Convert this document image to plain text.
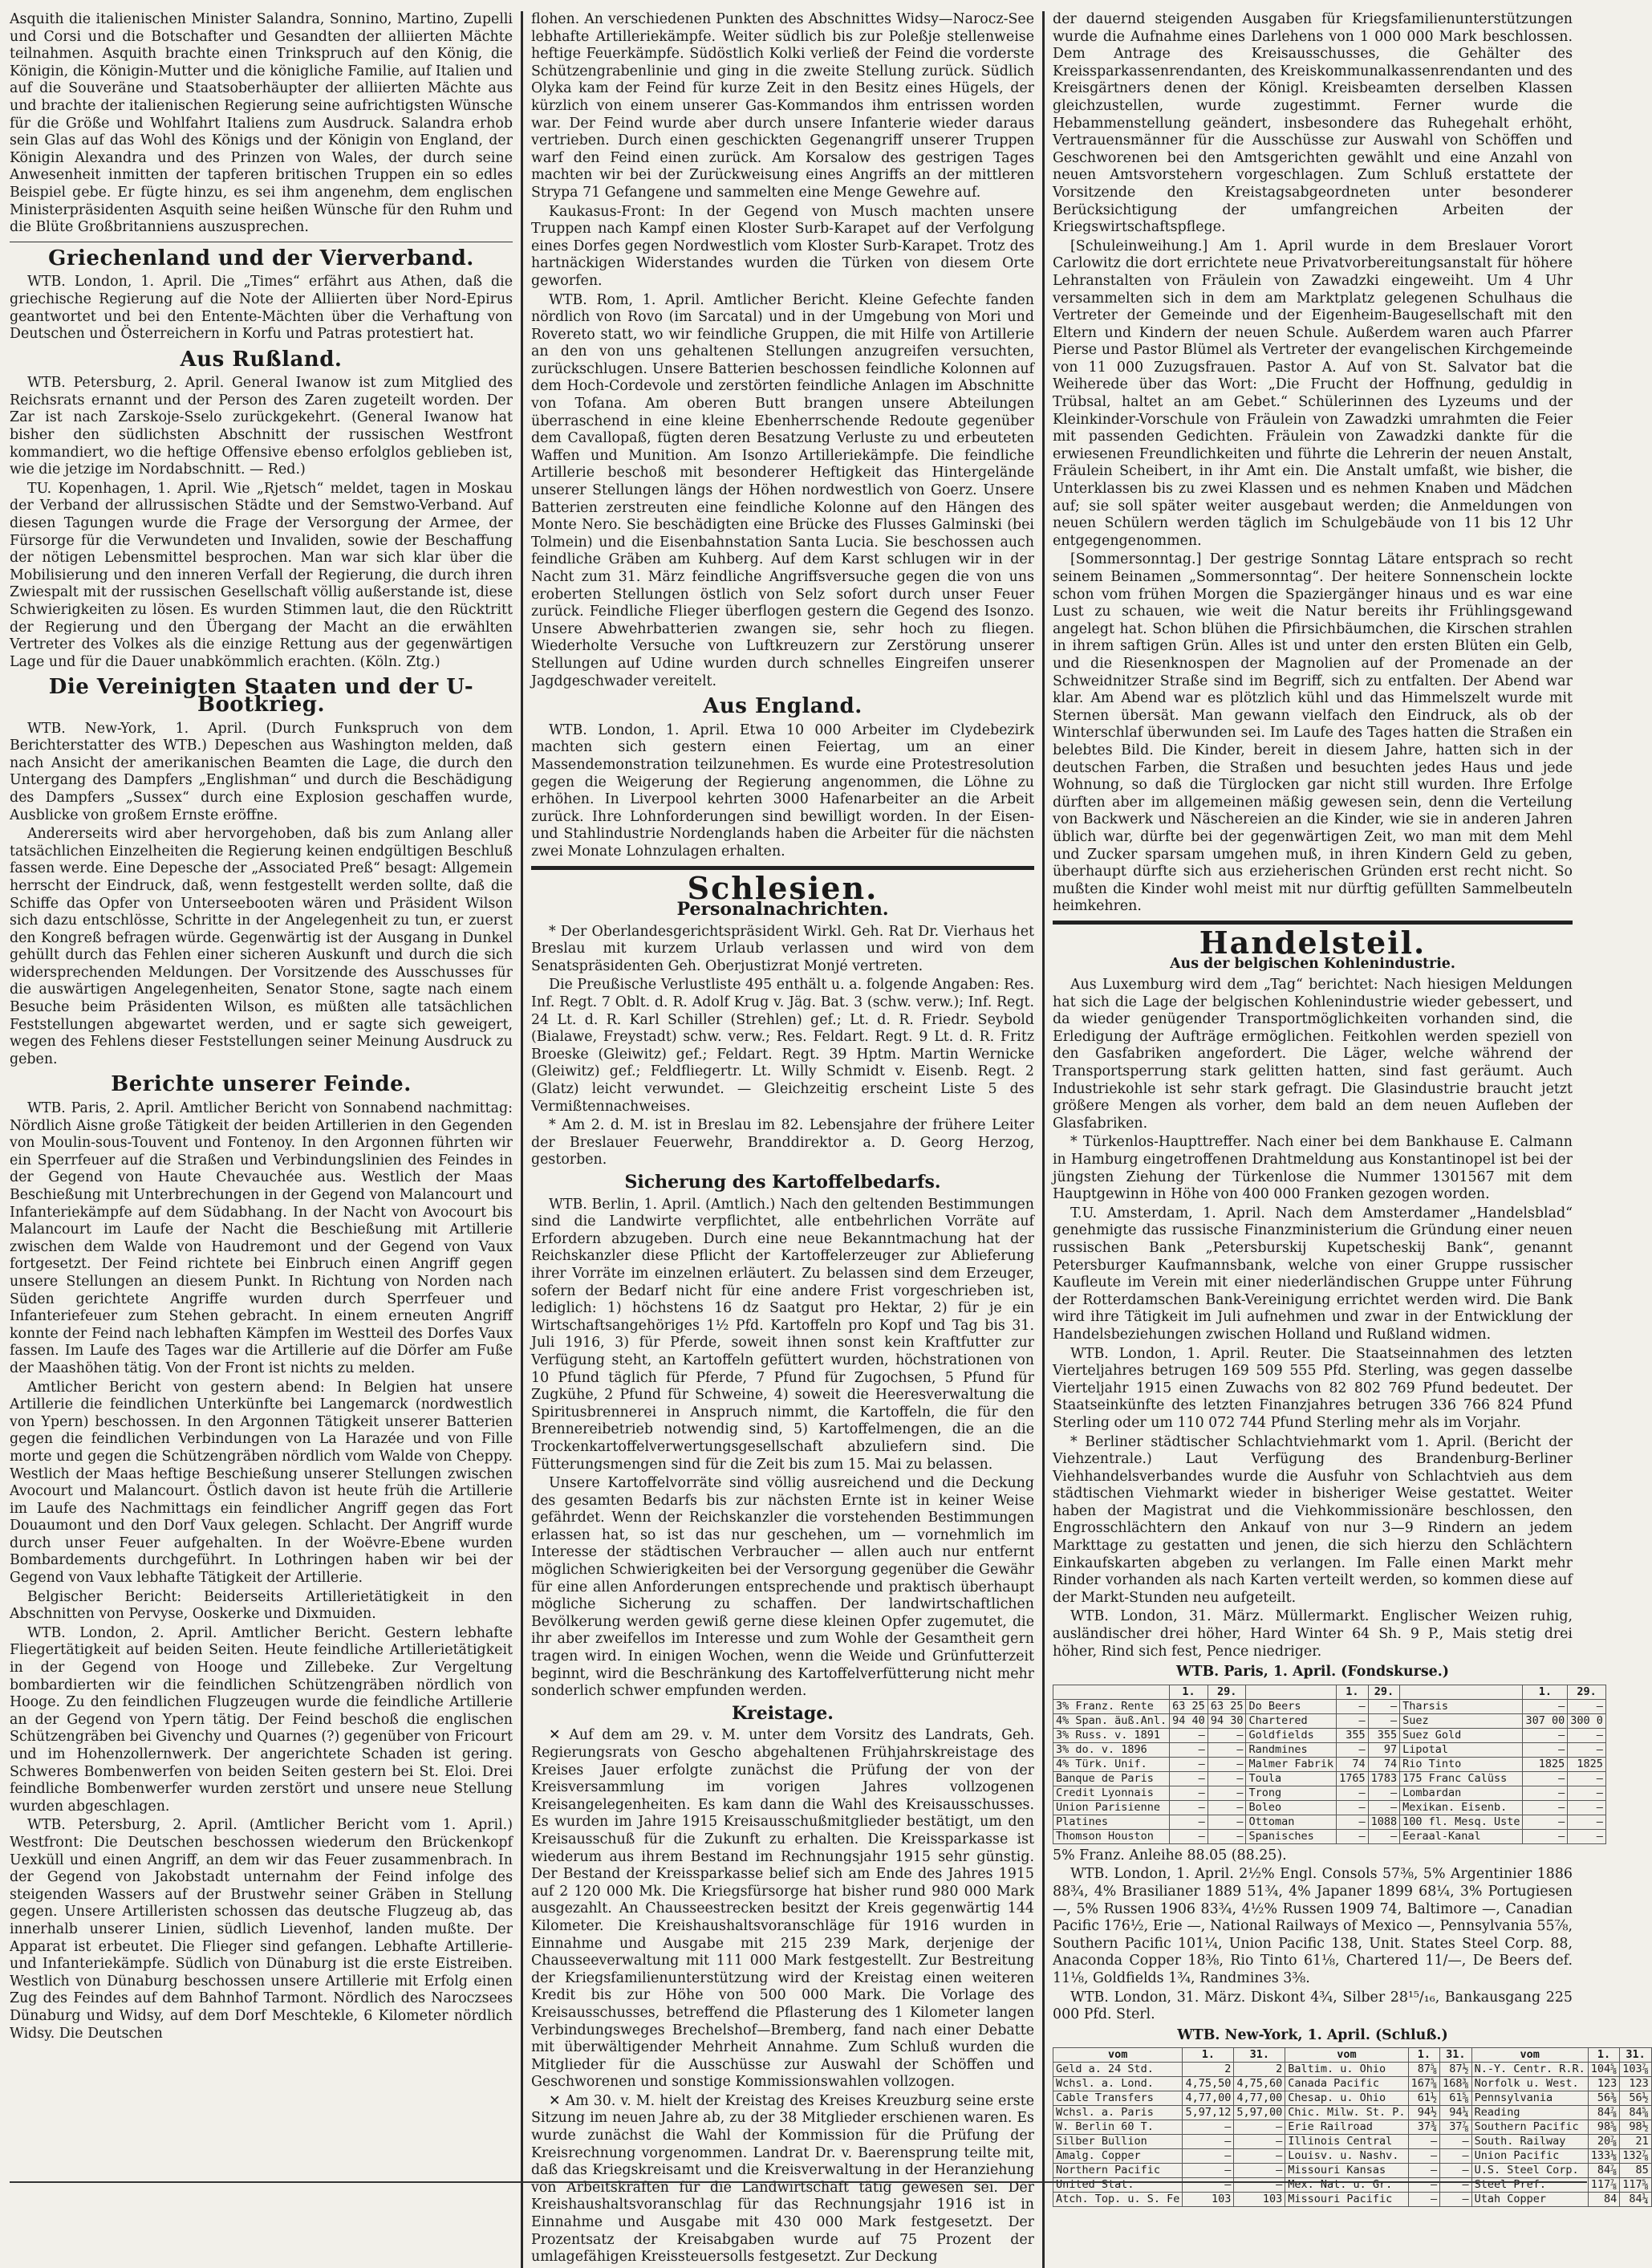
Asquith die italienischen Minister Salandra, Sonnino, Martino, Zupelli und Corsi und die Botschafter und Gesandten der alliierten Mächte teilnahmen. Asquith brachte einen Trinkspruch auf den König, die Königin, die Königin-Mutter und die königliche Familie, auf Italien und auf die Souveräne und Staatsoberhäupter der alliierten Mächte aus und brachte der italienischen Regierung seine aufrichtigsten Wünsche für die Größe und Wohlfahrt Italiens zum Ausdruck. Salandra erhob sein Glas auf das Wohl des Königs und der Königin von England, der Königin Alexandra und des Prinzen von Wales, der durch seine Anwesenheit inmitten der tapferen britischen Truppen ein so edles Beispiel gebe. Er fügte hinzu, es sei ihm angenehm, dem englischen Ministerpräsidenten Asquith seine heißen Wünsche für den Ruhm und die Blüte Großbritanniens auszusprechen.

Griechenland und der Vierverband.

WTB. London, 1. April. Die „Times“ erfährt aus Athen, daß die griechische Regierung auf die Note der Alliierten über Nord-Epirus geantwortet und bei den Entente-Mächten über die Verhaftung von Deutschen und Österreichern in Korfu und Patras protestiert hat.

Aus Rußland.

WTB. Petersburg, 2. April. General Iwanow ist zum Mitglied des Reichsrats ernannt und der Person des Zaren zugeteilt worden. Der Zar ist nach Zarskoje-Sselo zurückgekehrt. (General Iwanow hat bisher den südlichsten Abschnitt der russischen Westfront kommandiert, wo die heftige Offensive ebenso erfolglos geblieben ist, wie die jetzige im Nordabschnitt. — Red.)

TU. Kopenhagen, 1. April. Wie „Rjetsch“ meldet, tagen in Moskau der Verband der allrussischen Städte und der Semstwo-Verband. Auf diesen Tagungen wurde die Frage der Versorgung der Armee, der Fürsorge für die Verwundeten und Invaliden, sowie der Beschaffung der nötigen Lebensmittel besprochen. Man war sich klar über die Mobilisierung und den inneren Verfall der Regierung, die durch ihren Zwiespalt mit der russischen Gesellschaft völlig außerstande ist, diese Schwierigkeiten zu lösen. Es wurden Stimmen laut, die den Rücktritt der Regierung und den Übergang der Macht an die erwählten Vertreter des Volkes als die einzige Rettung aus der gegenwärtigen Lage und für die Dauer unabkömmlich erachten. (Köln. Ztg.)

Die Vereinigten Staaten und der U-Bootkrieg.

WTB. New-York, 1. April. (Durch Funkspruch von dem Berichterstatter des WTB.) Depeschen aus Washington melden, daß nach Ansicht der amerikanischen Beamten die Lage, die durch den Untergang des Dampfers „Englishman“ und durch die Beschädigung des Dampfers „Sussex“ durch eine Explosion geschaffen wurde, Ausblicke von großem Ernste eröffne.

Andererseits wird aber hervorgehoben, daß bis zum Anlang aller tatsächlichen Einzelheiten die Regierung keinen endgültigen Beschluß fassen werde. Eine Depesche der „Associated Preß“ besagt: Allgemein herrscht der Eindruck, daß, wenn festgestellt werden sollte, daß die Schiffe das Opfer von Unterseebooten wären und Präsident Wilson sich dazu entschlösse, Schritte in der Angelegenheit zu tun, er zuerst den Kongreß befragen würde. Gegenwärtig ist der Ausgang in Dunkel gehüllt durch das Fehlen einer sicheren Auskunft und durch die sich widersprechenden Meldungen. Der Vorsitzende des Ausschusses für die auswärtigen Angelegenheiten, Senator Stone, sagte nach einem Besuche beim Präsidenten Wilson, es müßten alle tatsächlichen Feststellungen abgewartet werden, und er sagte sich geweigert, wegen des Fehlens dieser Feststellungen seiner Meinung Ausdruck zu geben.

Berichte unserer Feinde.

WTB. Paris, 2. April. Amtlicher Bericht von Sonnabend nachmittag: Nördlich Aisne große Tätigkeit der beiden Artillerien in den Gegenden von Moulin-sous-Touvent und Fontenoy. In den Argonnen führten wir ein Sperrfeuer auf die Straßen und Verbindungslinien des Feindes in der Gegend von Haute Chevauchée aus. Westlich der Maas Beschießung mit Unterbrechungen in der Gegend von Malancourt und Infanteriekämpfe auf dem Südabhang. In der Nacht von Avocourt bis Malancourt im Laufe der Nacht die Beschießung mit Artillerie zwischen dem Walde von Haudremont und der Gegend von Vaux fortgesetzt. Der Feind richtete bei Einbruch einen Angriff gegen unsere Stellungen an diesem Punkt. In Richtung von Norden nach Süden gerichtete Angriffe wurden durch Sperrfeuer und Infanteriefeuer zum Stehen gebracht. In einem erneuten Angriff konnte der Feind nach lebhaften Kämpfen im Westteil des Dorfes Vaux fassen. Im Laufe des Tages war die Artillerie auf die Dörfer am Fuße der Maashöhen tätig. Von der Front ist nichts zu melden.

Amtlicher Bericht von gestern abend: In Belgien hat unsere Artillerie die feindlichen Unterkünfte bei Langemarck (nordwestlich von Ypern) beschossen. In den Argonnen Tätigkeit unserer Batterien gegen die feindlichen Verbindungen von La Harazée und von Fille morte und gegen die Schützengräben nördlich vom Walde von Cheppy. Westlich der Maas heftige Beschießung unserer Stellungen zwischen Avocourt und Malancourt. Östlich davon ist heute früh die Artillerie im Laufe des Nachmittags ein feindlicher Angriff gegen das Fort Douaumont und den Dorf Vaux gelegen. Schlacht. Der Angriff wurde durch unser Feuer aufgehalten. In der Woëvre-Ebene wurden Bombardements durchgeführt. In Lothringen haben wir bei der Gegend von Vaux lebhafte Tätigkeit der Artillerie.

Belgischer Bericht: Beiderseits Artillerietätigkeit in den Abschnitten von Pervyse, Ooskerke und Dixmuiden.

WTB. London, 2. April. Amtlicher Bericht. Gestern lebhafte Fliegertätigkeit auf beiden Seiten. Heute feindliche Artillerietätigkeit in der Gegend von Hooge und Zillebeke. Zur Vergeltung bombardierten wir die feindlichen Schützengräben nördlich von Hooge. Zu den feindlichen Flugzeugen wurde die feindliche Artillerie an der Gegend von Ypern tätig. Der Feind beschoß die englischen Schützengräben bei Givenchy und Quarnes (?) gegenüber von Fricourt und im Hohenzollernwerk. Der angerichtete Schaden ist gering. Schweres Bombenwerfen von beiden Seiten gestern bei St. Eloi. Drei feindliche Bombenwerfer wurden zerstört und unsere neue Stellung wurden abgeschlagen.

WTB. Petersburg, 2. April. (Amtlicher Bericht vom 1. April.) Westfront: Die Deutschen beschossen wiederum den Brückenkopf Uexküll und einen Angriff, an dem wir das Feuer zusammenbrach. In der Gegend von Jakobstadt unternahm der Feind infolge des steigenden Wassers auf der Brustwehr seiner Gräben in Stellung gegen. Unsere Artilleristen schossen das deutsche Flugzeug ab, das innerhalb unserer Linien, südlich Lievenhof, landen mußte. Der Apparat ist erbeutet. Die Flieger sind gefangen. Lebhafte Artillerie- und Infanteriekämpfe. Südlich von Dünaburg ist die erste Eistreiben. Westlich von Dünaburg beschossen unsere Artillerie mit Erfolg einen Zug des Feindes auf dem Bahnhof Tarmont. Nördlich des Naroczsees Dünaburg und Widsy, auf dem Dorf Meschtekle, 6 Kilometer nördlich Widsy. Die Deutschen

flohen. An verschiedenen Punkten des Abschnittes Widsy—Narocz-See lebhafte Artilleriekämpfe. Weiter südlich bis zur Poleßje stellenweise heftige Feuerkämpfe. Südöstlich Kolki verließ der Feind die vorderste Schützengrabenlinie und ging in die zweite Stellung zurück. Südlich Olyka kam der Feind für kurze Zeit in den Besitz eines Hügels, der kürzlich von einem unserer Gas-Kommandos ihm entrissen worden war. Der Feind wurde aber durch unsere Infanterie wieder daraus vertrieben. Durch einen geschickten Gegenangriff unserer Truppen warf den Feind einen zurück. Am Korsalow des gestrigen Tages machten wir bei der Zurückweisung eines Angriffs an der mittleren Strypa 71 Gefangene und sammelten eine Menge Gewehre auf.

Kaukasus-Front: In der Gegend von Musch machten unsere Truppen nach Kampf einen Kloster Surb-Karapet auf der Verfolgung eines Dorfes gegen Nordwestlich vom Kloster Surb-Karapet. Trotz des hartnäckigen Widerstandes wurden die Türken von diesem Orte geworfen.

WTB. Rom, 1. April. Amtlicher Bericht. Kleine Gefechte fanden nördlich von Rovo (im Sarcatal) und in der Umgebung von Mori und Rovereto statt, wo wir feindliche Gruppen, die mit Hilfe von Artillerie an den von uns gehaltenen Stellungen anzugreifen versuchten, zurückschlugen. Unsere Batterien beschossen feindliche Kolonnen auf dem Hoch-Cordevole und zerstörten feindliche Anlagen im Abschnitte von Tofana. Am oberen Butt brangen unsere Abteilungen überraschend in eine kleine Ebenherrschende Redoute gegenüber dem Cavallopaß, fügten deren Besatzung Verluste zu und erbeuteten Waffen und Munition. Am Isonzo Artilleriekämpfe. Die feindliche Artillerie beschoß mit besonderer Heftigkeit das Hintergelände unserer Stellungen längs der Höhen nordwestlich von Goerz. Unsere Batterien zerstreuten eine feindliche Kolonne auf den Hängen des Monte Nero. Sie beschädigten eine Brücke des Flusses Galminski (bei Tolmein) und die Eisenbahnstation Santa Lucia. Sie beschossen auch feindliche Gräben am Kuhberg. Auf dem Karst schlugen wir in der Nacht zum 31. März feindliche Angriffsversuche gegen die von uns eroberten Stellungen östlich von Selz sofort durch unser Feuer zurück. Feindliche Flieger überflogen gestern die Gegend des Isonzo. Unsere Abwehrbatterien zwangen sie, sehr hoch zu fliegen. Wiederholte Versuche von Luftkreuzern zur Zerstörung unserer Stellungen auf Udine wurden durch schnelles Eingreifen unserer Jagdgeschwader vereitelt.

Aus England.

WTB. London, 1. April. Etwa 10 000 Arbeiter im Clydebezirk machten sich gestern einen Feiertag, um an einer Massendemonstration teilzunehmen. Es wurde eine Protestresolution gegen die Weigerung der Regierung angenommen, die Löhne zu erhöhen. In Liverpool kehrten 3000 Hafenarbeiter an die Arbeit zurück. Ihre Lohnforderungen sind bewilligt worden. In der Eisen- und Stahlindustrie Nordenglands haben die Arbeiter für die nächsten zwei Monate Lohnzulagen erhalten.

Schlesien.
Personalnachrichten.

* Der Oberlandesgerichtspräsident Wirkl. Geh. Rat Dr. Vierhaus het Breslau mit kurzem Urlaub verlassen und wird von dem Senatspräsidenten Geh. Oberjustizrat Monjé vertreten.

Die Preußische Verlustliste 495 enthält u. a. folgende Angaben: Res. Inf. Regt. 7 Oblt. d. R. Adolf Krug v. Jäg. Bat. 3 (schw. verw.); Inf. Regt. 24 Lt. d. R. Karl Schiller (Strehlen) gef.; Lt. d. R. Friedr. Seybold (Bialawe, Freystadt) schw. verw.; Res. Feldart. Regt. 9 Lt. d. R. Fritz Broeske (Gleiwitz) gef.; Feldart. Regt. 39 Hptm. Martin Wernicke (Gleiwitz) gef.; Feldfliegertr. Lt. Willy Schmidt v. Eisenb. Regt. 2 (Glatz) leicht verwundet. — Gleichzeitig erscheint Liste 5 des Vermißtennachweises.

* Am 2. d. M. ist in Breslau im 82. Lebensjahre der frühere Leiter der Breslauer Feuerwehr, Branddirektor a. D. Georg Herzog, gestorben.

Sicherung des Kartoffelbedarfs.

WTB. Berlin, 1. April. (Amtlich.) Nach den geltenden Bestimmungen sind die Landwirte verpflichtet, alle entbehrlichen Vorräte auf Erfordern abzugeben. Durch eine neue Bekanntmachung hat der Reichskanzler diese Pflicht der Kartoffelerzeuger zur Ablieferung ihrer Vorräte im einzelnen erläutert. Zu belassen sind dem Erzeuger, sofern der Bedarf nicht für eine andere Frist vorgeschrieben ist, lediglich: 1) höchstens 16 dz Saatgut pro Hektar, 2) für je ein Wirtschaftsangehöriges 1½ Pfd. Kartoffeln pro Kopf und Tag bis 31. Juli 1916, 3) für Pferde, soweit ihnen sonst kein Kraftfutter zur Verfügung steht, an Kartoffeln gefüttert wurden, höchstrationen von 10 Pfund täglich für Pferde, 7 Pfund für Zugochsen, 5 Pfund für Zugkühe, 2 Pfund für Schweine, 4) soweit die Heeresverwaltung die Spiritusbrennerei in Anspruch nimmt, die Kartoffeln, die für den Brennereibetrieb notwendig sind, 5) Kartoffelmengen, die an die Trockenkartoffelverwertungsgesellschaft abzuliefern sind. Die Fütterungsmengen sind für die Zeit bis zum 15. Mai zu belassen.

Unsere Kartoffelvorräte sind völlig ausreichend und die Deckung des gesamten Bedarfs bis zur nächsten Ernte ist in keiner Weise gefährdet. Wenn der Reichskanzler die vorstehenden Bestimmungen erlassen hat, so ist das nur geschehen, um — vornehmlich im Interesse der städtischen Verbraucher — allen auch nur entfernt möglichen Schwierigkeiten bei der Versorgung gegenüber die Gewähr für eine allen Anforderungen entsprechende und praktisch überhaupt mögliche Sicherung zu schaffen. Der landwirtschaftlichen Bevölkerung werden gewiß gerne diese kleinen Opfer zugemutet, die ihr aber zweifellos im Interesse und zum Wohle der Gesamtheit gern tragen wird. In einigen Wochen, wenn die Weide und Grünfutterzeit beginnt, wird die Beschränkung des Kartoffelverfütterung nicht mehr sonderlich schwer empfunden werden.

Kreistage.

✕ Auf dem am 29. v. M. unter dem Vorsitz des Landrats, Geh. Regierungsrats von Gescho abgehaltenen Frühjahrskreistage des Kreises Jauer erfolgte zunächst die Prüfung der von der Kreisversammlung im vorigen Jahres vollzogenen Kreisangelegenheiten. Es kam dann die Wahl des Kreisausschusses. Es wurden im Jahre 1915 Kreisausschußmitglieder bestätigt, um den Kreisausschuß für die Zukunft zu erhalten. Die Kreissparkasse ist wiederum aus ihrem Bestand im Rechnungsjahr 1915 sehr günstig. Der Bestand der Kreissparkasse belief sich am Ende des Jahres 1915 auf 2 120 000 Mk. Die Kriegsfürsorge hat bisher rund 980 000 Mark ausgezahlt. An Chausseestrecken besitzt der Kreis gegenwärtig 144 Kilometer. Die Kreishaushaltsvoranschläge für 1916 wurden in Einnahme und Ausgabe mit 215 239 Mark, derjenige der Chausseeverwaltung mit 111 000 Mark festgestellt. Zur Bestreitung der Kriegsfamilienunterstützung wird der Kreistag einen weiteren Kredit bis zur Höhe von 500 000 Mark. Die Vorlage des Kreisausschusses, betreffend die Pflasterung des 1 Kilometer langen Verbindungsweges Brechelshof—Bremberg, fand nach einer Debatte mit überwältigender Mehrheit Annahme. Zum Schluß wurden die Mitglieder für die Ausschüsse zur Auswahl der Schöffen und Geschworenen und sonstige Kommissionswahlen vollzogen.

✕ Am 30. v. M. hielt der Kreistag des Kreises Kreuzburg seine erste Sitzung im neuen Jahre ab, zu der 38 Mitglieder erschienen waren. Es wurde zunächst die Wahl der Kommission für die Prüfung der Kreisrechnung vorgenommen. Landrat Dr. v. Baerensprung teilte mit, daß das Kriegskreisamt und die Kreisverwaltung in der Heranziehung von Arbeitskräften für die Landwirtschaft tätig gewesen sei. Der Kreishaushaltsvoranschlag für das Rechnungsjahr 1916 ist in Einnahme und Ausgabe mit 430 000 Mark festgesetzt. Der Prozentsatz der Kreisabgaben wurde auf 75 Prozent der umlagefähigen Kreissteuersolls festgesetzt. Zur Deckung

der dauernd steigenden Ausgaben für Kriegsfamilienunterstützungen wurde die Aufnahme eines Darlehens von 1 000 000 Mark beschlossen. Dem Antrage des Kreisausschusses, die Gehälter des Kreissparkassenrendanten, des Kreiskommunalkassenrendanten und des Kreisgärtners denen der Königl. Kreisbeamten derselben Klassen gleichzustellen, wurde zugestimmt. Ferner wurde die Hebammenstellung geändert, insbesondere das Ruhegehalt erhöht, Vertrauensmänner für die Ausschüsse zur Auswahl von Schöffen und Geschworenen bei den Amtsgerichten gewählt und eine Anzahl von neuen Amtsvorstehern vorgeschlagen. Zum Schluß erstattete der Vorsitzende den Kreistagsabgeordneten unter besonderer Berücksichtigung der umfangreichen Arbeiten der Kriegswirtschaftspflege.

[Schuleinweihung.] Am 1. April wurde in dem Breslauer Vorort Carlowitz die dort errichtete neue Privatvorbereitungsanstalt für höhere Lehranstalten von Fräulein von Zawadzki eingeweiht. Um 4 Uhr versammelten sich in dem am Marktplatz gelegenen Schulhaus die Vertreter der Gemeinde und der Eigenheim-Baugesellschaft mit den Eltern und Kindern der neuen Schule. Außerdem waren auch Pfarrer Pierse und Pastor Blümel als Vertreter der evangelischen Kirchgemeinde von 11 000 Zuzugsfrauen. Pastor A. Auf von St. Salvator bat die Weiherede über das Wort: „Die Frucht der Hoffnung, geduldig in Trübsal, haltet an am Gebet.“ Schülerinnen des Lyzeums und der Kleinkinder-Vorschule von Fräulein von Zawadzki umrahmten die Feier mit passenden Gedichten. Fräulein von Zawadzki dankte für die erwiesenen Freundlichkeiten und führte die Lehrerin der neuen Anstalt, Fräulein Scheibert, in ihr Amt ein. Die Anstalt umfaßt, wie bisher, die Unterklassen bis zu zwei Klassen und es nehmen Knaben und Mädchen auf; sie soll später weiter ausgebaut werden; die Anmeldungen von neuen Schülern werden täglich im Schulgebäude von 11 bis 12 Uhr entgegengenommen.

[Sommersonntag.] Der gestrige Sonntag Lätare entsprach so recht seinem Beinamen „Sommersonntag“. Der heitere Sonnenschein lockte schon vom frühen Morgen die Spaziergänger hinaus und es war eine Lust zu schauen, wie weit die Natur bereits ihr Frühlingsgewand angelegt hat. Schon blühen die Pfirsichbäumchen, die Kirschen strahlen in ihrem saftigen Grün. Alles ist und unter den ersten Blüten ein Gelb, und die Riesenknospen der Magnolien auf der Promenade an der Schweidnitzer Straße sind im Begriff, sich zu entfalten. Der Abend war klar. Am Abend war es plötzlich kühl und das Himmelszelt wurde mit Sternen übersät. Man gewann vielfach den Eindruck, als ob der Winterschlaf überwunden sei. Im Laufe des Tages hatten die Straßen ein belebtes Bild. Die Kinder, bereit in diesem Jahre, hatten sich in der deutschen Farben, die Straßen und besuchten jedes Haus und jede Wohnung, so daß die Türglocken gar nicht still wurden. Ihre Erfolge dürften aber im allgemeinen mäßig gewesen sein, denn die Verteilung von Backwerk und Näschereien an die Kinder, wie sie in anderen Jahren üblich war, dürfte bei der gegenwärtigen Zeit, wo man mit dem Mehl und Zucker sparsam umgehen muß, in ihren Kindern Geld zu geben, überhaupt dürfte sich aus erzieherischen Gründen erst recht nicht. So mußten die Kinder wohl meist mit nur dürftig gefüllten Sammelbeuteln heimkehren.

Handelsteil.
Aus der belgischen Kohlenindustrie.

Aus Luxemburg wird dem „Tag“ berichtet: Nach hiesigen Meldungen hat sich die Lage der belgischen Kohlenindustrie wieder gebessert, und da wieder genügender Transportmöglichkeiten vorhanden sind, die Erledigung der Aufträge ermöglichen. Feitkohlen werden speziell von den Gasfabriken angefordert. Die Läger, welche während der Transportsperrung stark gelitten hatten, sind fast geräumt. Auch Industriekohle ist sehr stark gefragt. Die Glasindustrie braucht jetzt größere Mengen als vorher, dem bald an dem neuen Aufleben der Glasfabriken.

* Türkenlos-Haupttreffer. Nach einer bei dem Bankhause E. Calmann in Hamburg eingetroffenen Drahtmeldung aus Konstantinopel ist bei der jüngsten Ziehung der Türkenlose die Nummer 1301567 mit dem Hauptgewinn in Höhe von 400 000 Franken gezogen worden.

T.U. Amsterdam, 1. April. Nach dem Amsterdamer „Handelsblad“ genehmigte das russische Finanzministerium die Gründung einer neuen russischen Bank „Petersburskij Kupetscheskij Bank“, genannt Petersburger Kaufmannsbank, welche von einer Gruppe russischer Kaufleute im Verein mit einer niederländischen Gruppe unter Führung der Rotterdamschen Bank-Vereinigung errichtet werden wird. Die Bank wird ihre Tätigkeit im Juli aufnehmen und zwar in der Entwicklung der Handelsbeziehungen zwischen Holland und Rußland widmen.

WTB. London, 1. April. Reuter. Die Staatseinnahmen des letzten Vierteljahres betrugen 169 509 555 Pfd. Sterling, was gegen dasselbe Vierteljahr 1915 einen Zuwachs von 82 802 769 Pfund bedeutet. Der Staatseinkünfte des letzten Finanzjahres betrugen 336 766 824 Pfund Sterling oder um 110 072 744 Pfund Sterling mehr als im Vorjahr.

* Berliner städtischer Schlachtviehmarkt vom 1. April. (Bericht der Viehzentrale.) Laut Verfügung des Brandenburg-Berliner Viehhandelsverbandes wurde die Ausfuhr von Schlachtvieh aus dem städtischen Viehmarkt wieder in bisheriger Weise gestattet. Weiter haben der Magistrat und die Viehkommissionäre beschlossen, den Engrosschlächtern den Ankauf von nur 3—9 Rindern an jedem Markttage zu gestatten und jenen, die sich hierzu den Schlächtern Einkaufskarten abgeben zu verlangen. Im Falle einen Markt mehr Rinder vorhanden als nach Karten verteilt werden, so kommen diese auf der Markt-Stunden neu aufgeteilt.

WTB. London, 31. März. Müllermarkt. Englischer Weizen ruhig, ausländischer drei höher, Hard Winter 64 Sh. 9 P., Mais stetig drei höher, Rind sich fest, Pence niedriger.

WTB. Paris, 1. April. (Fondskurse.)
	1.	29.		1.	29.		1.	29.
3% Franz. Rente	63 25	63 25	Do Beers	—	—	Tharsis	—	—
4% Span. äuß.Anl.	94 40	94 30	Chartered	—	—	Suez	307 00	300 0
3% Russ. v. 1891	—	—	Goldfields	355	355	Suez Gold	—	—
3% do. v. 1896	—	—	Randmines	—	97	Lipotal	—	—
4% Türk. Unif.	—	—	Malmer Fabrik	74	74	Rio Tinto	1825	1825
Banque de Paris	—	—	Toula	1765	1783	175 Franc Calüss	—	—
Credit Lyonnais	—	—	Trong	—	—	Lombardan	—	—
Union Parisienne	—	—	Boleo	—	—	Mexikan. Eisenb.	—	—
Platines	—	—	Ottoman	—	1088	100 fl. Mesq. Uste	—	—
Thomson Houston	—	—	Spanisches	—	—	Eeraal-Kanal	—	—

5% Franz. Anleihe 88.05 (88.25).

WTB. London, 1. April. 2½% Engl. Consols 57⅜, 5% Argentinier 1886 88¾, 4% Brasilianer 1889 51¾, 4% Japaner 1899 68¼, 3% Portugiesen —, 5% Russen 1906 83¾, 4½% Russen 1909 74, Baltimore —, Canadian Pacific 176½, Erie —, National Railways of Mexico —, Pennsylvania 55⅞, Southern Pacific 101¼, Union Pacific 138, Unit. States Steel Corp. 88, Anaconda Copper 18⅜, Rio Tinto 61⅛, Chartered 11/—, De Beers def. 11⅛, Goldfields 1¾, Randmines 3⅜.

WTB. London, 31. März. Diskont 4¾, Silber 28¹⁵/₁₆, Bankausgang 225 000 Pfd. Sterl.

WTB. New-York, 1. April. (Schluß.)
vom	1.	31.	vom	1.	31.	vom	1.	31.
Geld a. 24 Std.	2	2	Baltim. u. Ohio	87⅝	87½	N.-Y. Centr. R.R.	104⅝	103⅞
Wchsl. a. Lond.	4,75,50	4,75,60	Canada Pacific	167⅝	168⅜	Norfolk u. West.	123	123
Cable Transfers	4,77,00	4,77,00	Chesap. u. Ohio	61½	61⅝	Pennsylvania	56⅜	56½
Wchsl. a. Paris	5,97,12	5,97,00	Chic. Milw. St. P.	94½	94¼	Reading	84⅞	84⅝
W. Berlin 60 T.	—	—	Erie Railroad	37¾	37⅞	Southern Pacific	98⅝	98½
Silber Bullion	—	—	Illinois Central	—	—	South. Railway	20⅞	21
Amalg. Copper	—	—	Louisv. u. Nashv.	—	—	Union Pacific	133⅛	132⅞
Northern Pacific	—	—	Missouri Kansas	—	—	U.S. Steel Corp.	84⅞	85
United Stat.	—	—	Mex. Nat. u. Gr.	—	—	Steel Pref.	117⅞	117⅝
Atch. Top. u. S. Fe	103	103	Missouri Pacific	—	—	Utah Copper	84	84¼
